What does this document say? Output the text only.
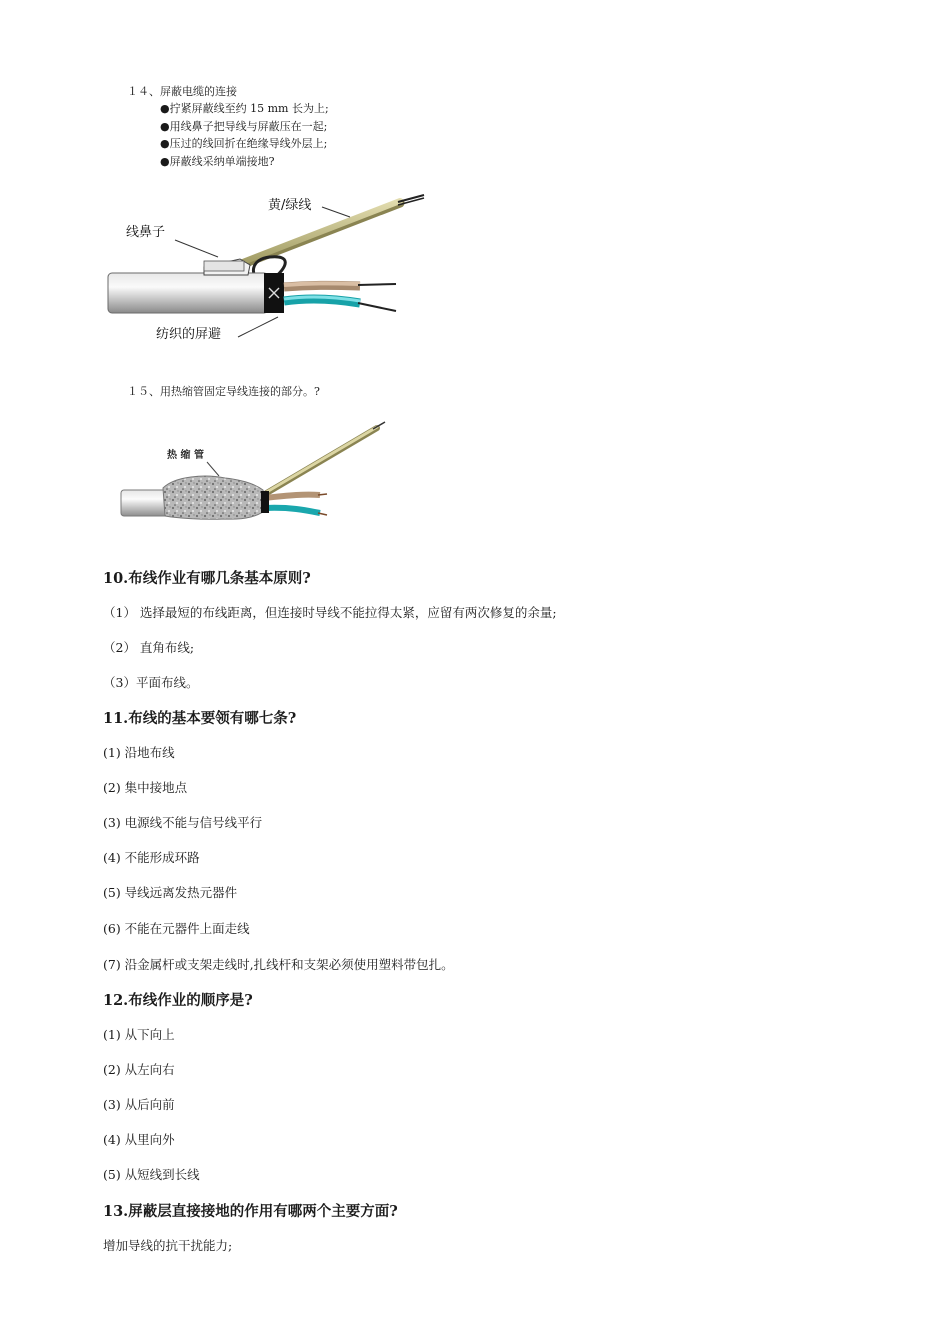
１４、屏蔽电缆的连接
●拧紧屏蔽线至约 15 mm 长为上;
●用线鼻子把导线与屏蔽压在一起;
●压过的线回折在绝缘导线外层上;
●屏蔽线采纳单端接地?
黄/绿线
线鼻子
纺织的屏避
１５、用热缩管固定导线连接的部分。?
热 缩 管
10.布线作业有哪几条基本原则?
（1） 选择最短的布线距离，但连接时导线不能拉得太紧，应留有两次修复的余量;
（2） 直角布线;
（3）平面布线。
11.布线的基本要领有哪七条?
(1) 沿地布线
(2) 集中接地点
(3) 电源线不能与信号线平行
(4) 不能形成环路
(5) 导线远离发热元器件
(6) 不能在元器件上面走线
(7) 沿金属杆或支架走线时,扎线杆和支架必须使用塑料带包扎。
12.布线作业的顺序是?
(1) 从下向上
(2) 从左向右
(3) 从后向前
(4) 从里向外
(5) 从短线到长线
13.屏蔽层直接接地的作用有哪两个主要方面?
增加导线的抗干扰能力;
